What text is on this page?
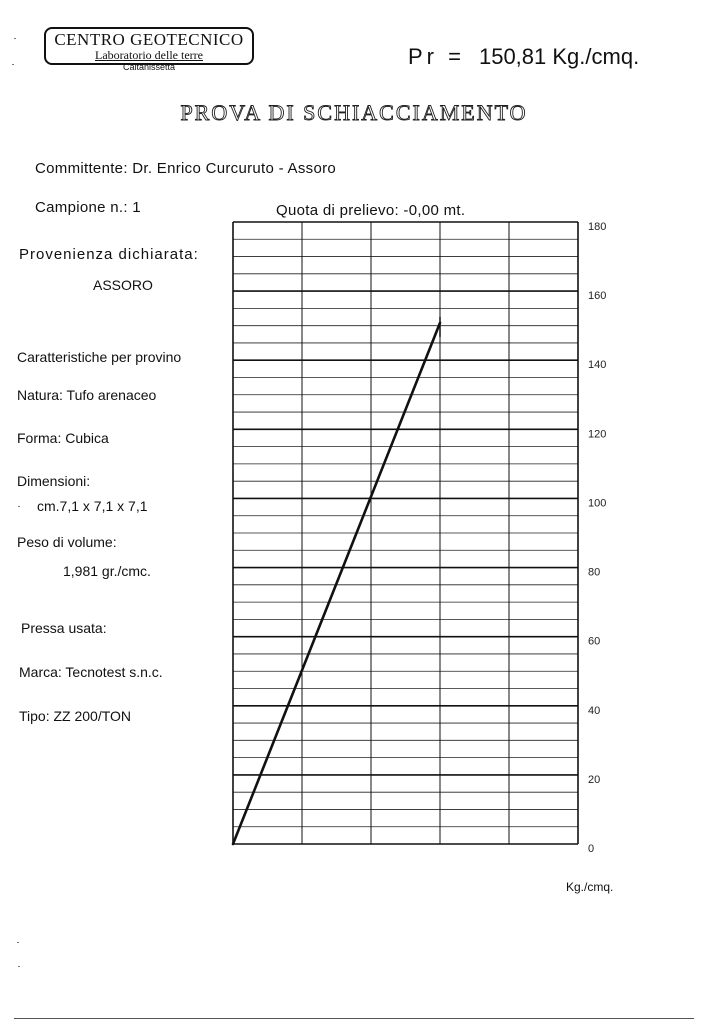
CENTRO GEOTECNICO
Laboratorio delle terre
Caltanissetta	Pr = 150,81 Kg./cmq.
PROVA DI SCHIACCIAMENTO
Committente: Dr. Enrico Curcuruto - Assoro
Campione n.: 1	Quota di prelievo: -0,00 mt.
Provenienza dichiarata:
ASSORO
Caratteristiche per provino
Natura: Tufo arenaceo
Forma: Cubica
Dimensioni:
cm.7,1 x 7,1 x 7,1
Peso di volume:
1,981 gr./cmc.
Pressa usata:
Marca: Tecnotest s.n.c.
Tipo: ZZ 200/TON
0
20
40
60
80
100
120
140
160
180
Kg./cmq.
